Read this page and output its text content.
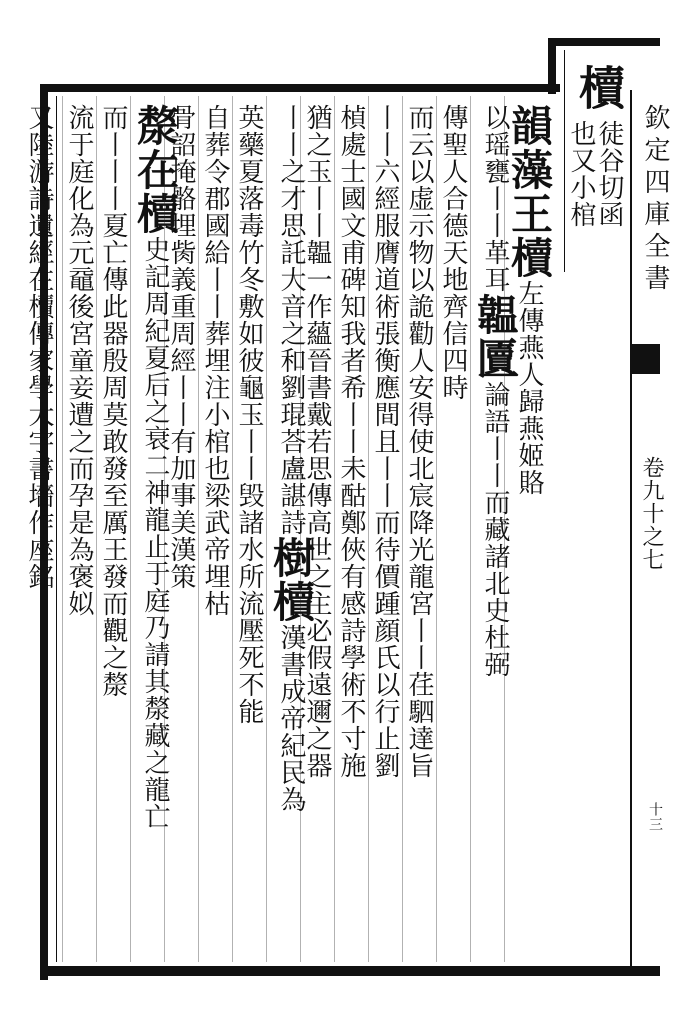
欽定四庫全書
卷九十之七
十三
櫝
徒谷切函
也又小棺
韻藻王櫝左傳燕人歸燕姬賂
以瑶甕丨丨革耳韞匵論語丨丨而藏諸北史杜弼
傳聖人合德天地齊信四時
而云以虚示物以詭勸人安得使北宸降光龍宮丨丨荏駟達旨
丨丨六經服膺道術張衡應間且丨丨而待價踵顔氏以行止劉
楨處士國文甫碑知我者希丨丨未酤鄭俠有感詩學術不寸施
猶之玉丨丨韞一作蘊晉書戴若思傳高世之主必假遠邇之器
丨丨之才思託大音之和劉琨荅盧諶詩樹櫝漢書成帝紀民為
英藥夏落毒竹冬敷如彼龜玉丨丨毁諸水所流壓死不能
自葬令郡國給丨丨葬埋注小棺也梁武帝埋枯
骨詔掩骼埋胔義重周經丨丨有加事美漢策
漦在櫝史記周紀夏后之衰二神龍止于庭乃請其漦藏之龍亡
而丨丨丨夏亡傳此器殷周莫敢發至厲王發而觀之漦
流于庭化為元黿後宮童妾遭之而孕是為褒姒
又陸游詩遺經在櫝傳家學大字書墻作座銘
